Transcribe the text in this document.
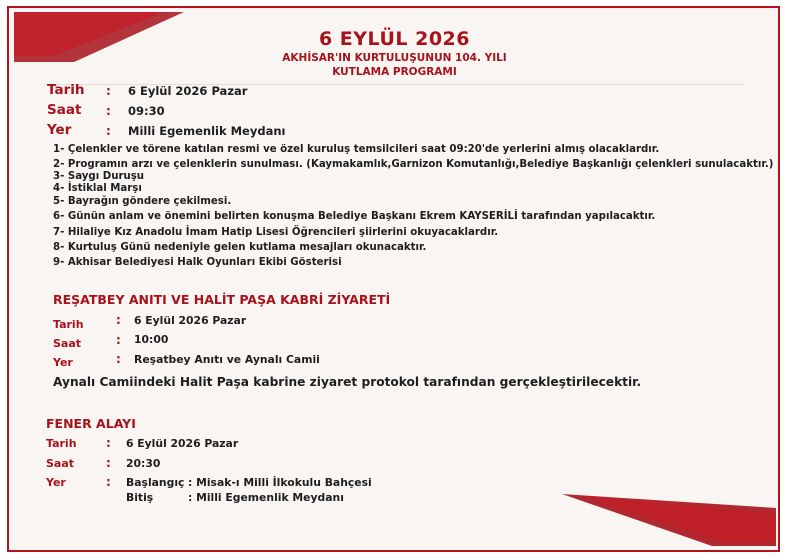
6 EYLÜL 2026
AKHİSAR'IN KURTULUŞUNUN 104. YILI
KUTLAMA PROGRAMI
Tarih : 6 Eylül 2026 Pazar
Saat : 09:30
Yer	: Milli Egemenlik Meydanı
1- Çelenkler ve törene katılan resmi ve özel kuruluş temsilcileri saat 09:20'de yerlerini almış olacaklardır.
2- Programın arzı ve çelenklerin sunulması. (Kaymakamlık,Garnizon Komutanlığı,Belediye Başkanlığı çelenkleri sunulacaktır.)
3- Saygı Duruşu
4- İstiklal Marşı
5- Bayrağın göndere çekilmesi.
6- Günün anlam ve önemini belirten konuşma Belediye Başkanı Ekrem KAYSERİLİ tarafından yapılacaktır.
7- Hilaliye Kız Anadolu İmam Hatip Lisesi Öğrencileri şiirlerini okuyacaklardır.
8- Kurtuluş Günü nedeniyle gelen kutlama mesajları okunacaktır.
9- Akhisar Belediyesi Halk Oyunları Ekibi Gösterisi
REŞATBEY ANITI VE HALİT PAŞA KABRİ ZİYARETİ
Tarih	: 6 Eylül 2026 Pazar
Saat	: 10:00
Yer	: Reşatbey Anıtı ve Aynalı Camii
Aynalı Camiindeki Halit Paşa kabrine ziyaret protokol tarafından gerçekleştirilecektir.
FENER ALAYI
Tarih : 6 Eylül 2026 Pazar
Saat	: 20:30
Yer	: Başlangıç : Misak-ı Milli İlkokulu Bahçesi
Bitiş	: Milli Egemenlik Meydanı
